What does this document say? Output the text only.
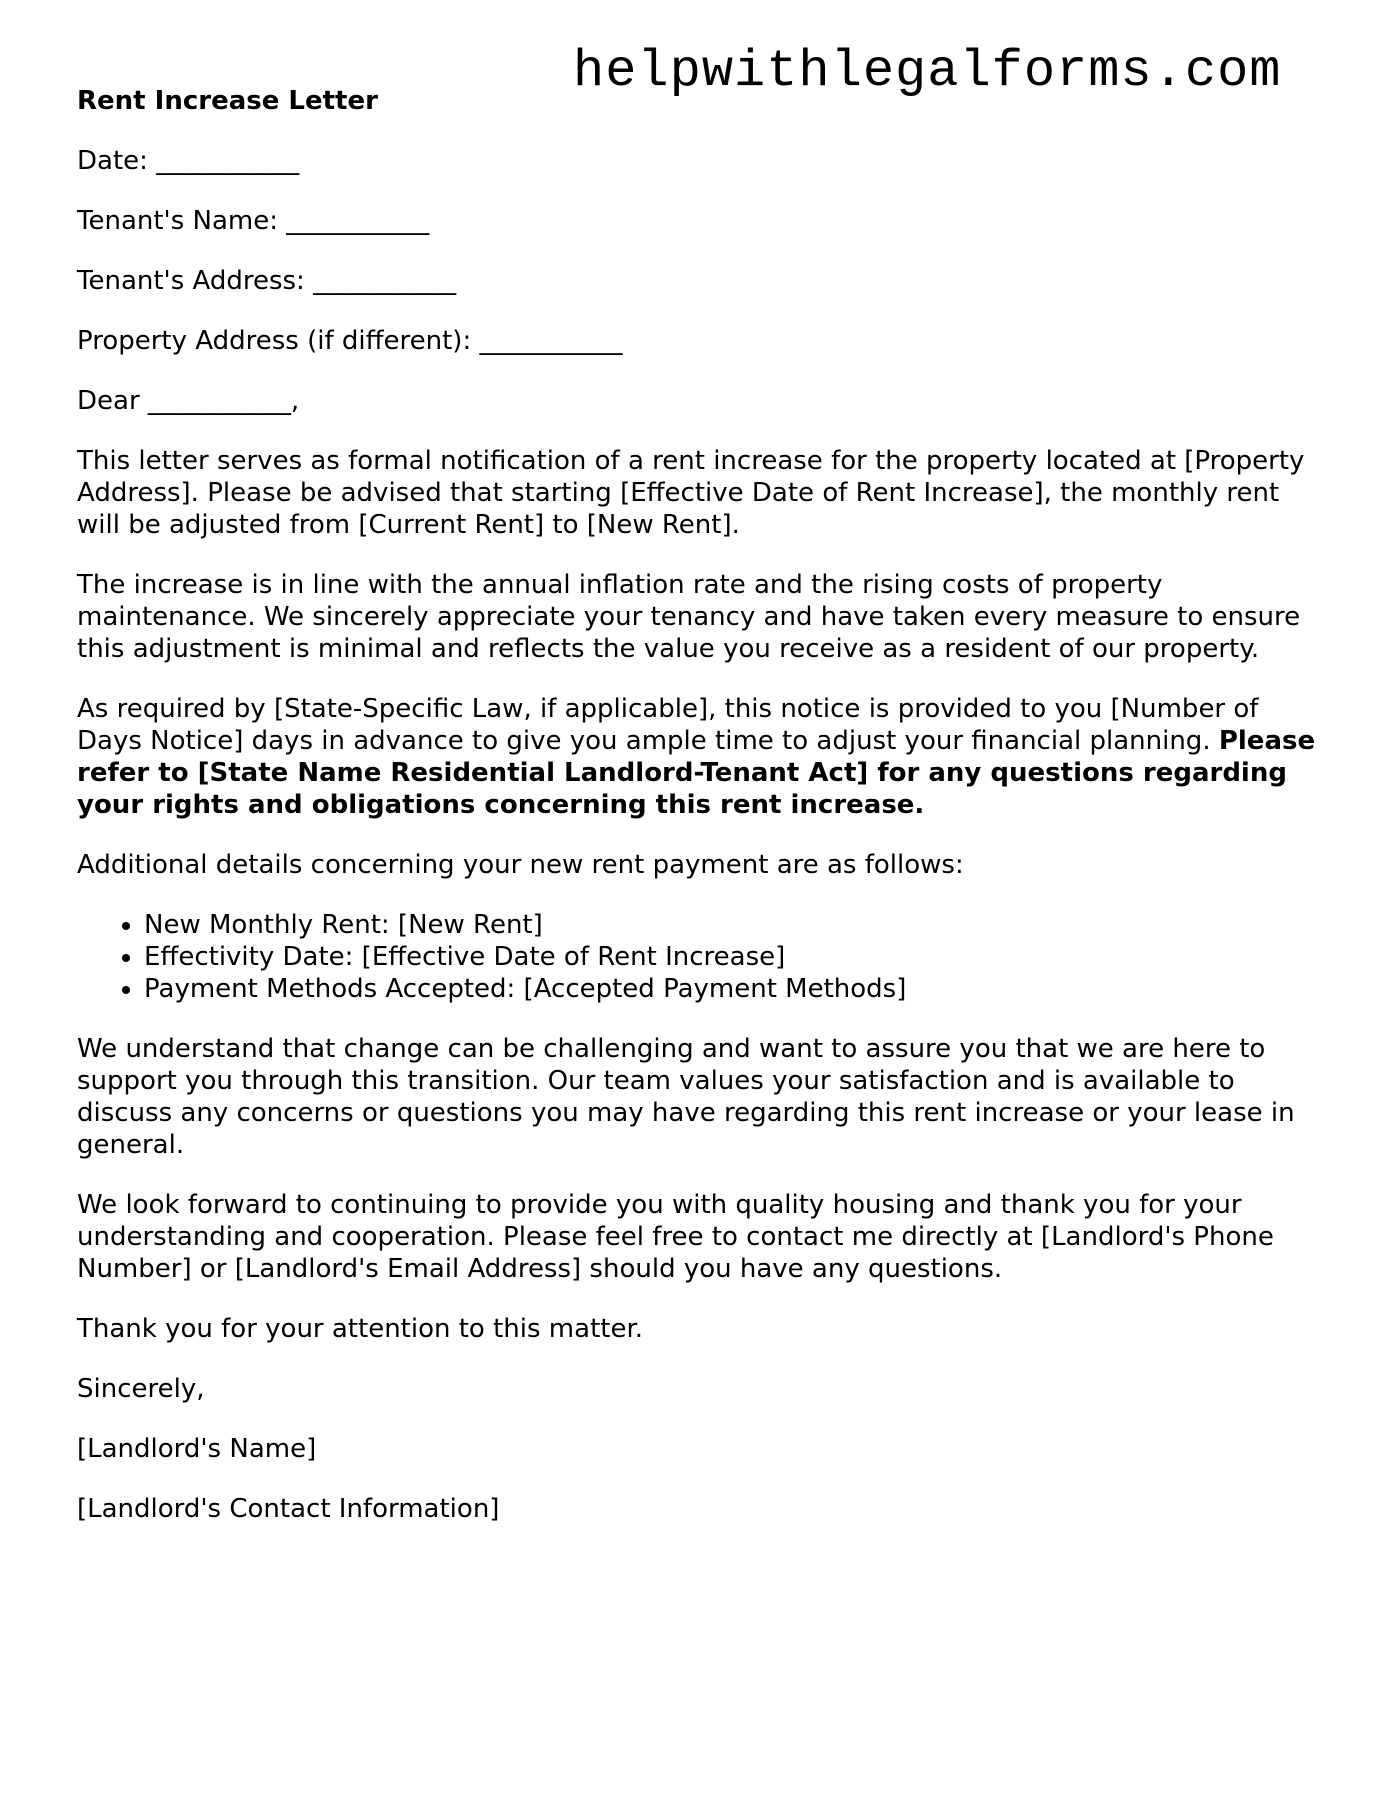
helpwithlegalforms.com
Rent Increase Letter
Date: ___________
Tenant's Name: ___________
Tenant's Address: ___________
Property Address (if different): ___________
Dear ___________,
This letter serves as formal notification of a rent increase for the property located at [Property Address]. Please be advised that starting [Effective Date of Rent Increase], the monthly rent will be adjusted from [Current Rent] to [New Rent].
The increase is in line with the annual inflation rate and the rising costs of property maintenance. We sincerely appreciate your tenancy and have taken every measure to ensure this adjustment is minimal and reflects the value you receive as a resident of our property.
As required by [State-Specific Law, if applicable], this notice is provided to you [Number of Days Notice] days in advance to give you ample time to adjust your financial planning. Please refer to [State Name Residential Landlord-Tenant Act] for any questions regarding your rights and obligations concerning this rent increase.
Additional details concerning your new rent payment are as follows:
• New Monthly Rent: [New Rent]
• Effectivity Date: [Effective Date of Rent Increase]
• Payment Methods Accepted: [Accepted Payment Methods]
We understand that change can be challenging and want to assure you that we are here to support you through this transition. Our team values your satisfaction and is available to discuss any concerns or questions you may have regarding this rent increase or your lease in general.
We look forward to continuing to provide you with quality housing and thank you for your understanding and cooperation. Please feel free to contact me directly at [Landlord's Phone Number] or [Landlord's Email Address] should you have any questions.
Thank you for your attention to this matter.
Sincerely,
[Landlord's Name]
[Landlord's Contact Information]
